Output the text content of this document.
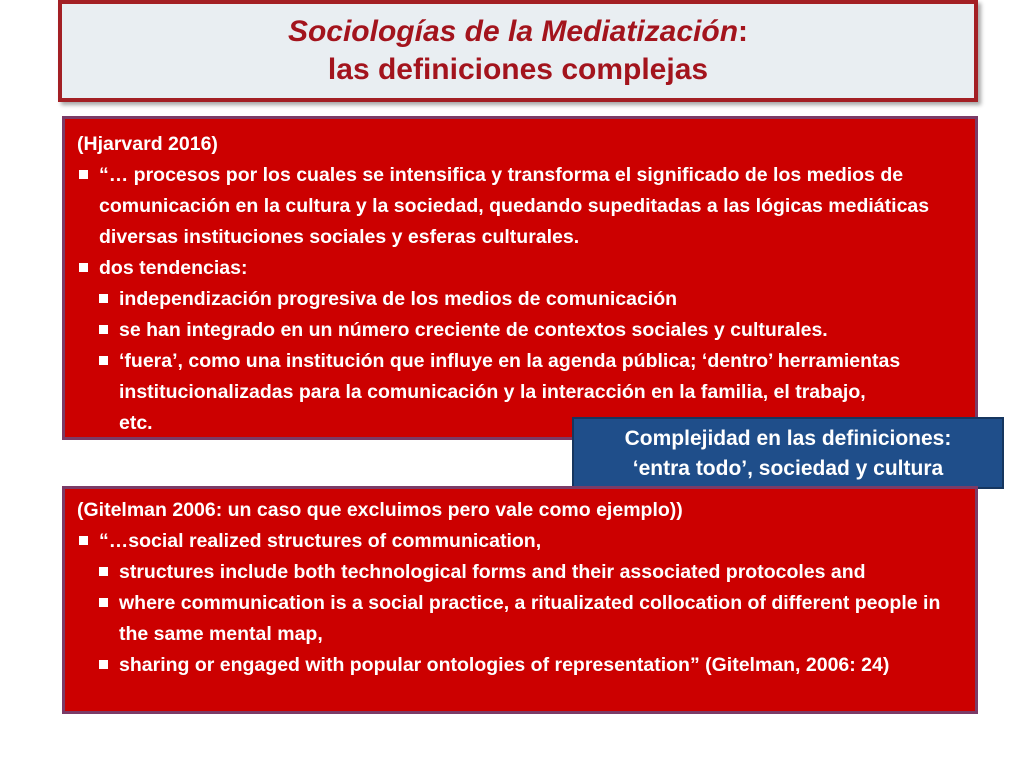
Sociologías de la Mediatización:
las definiciones complejas

(Hjarvard 2016)

“… procesos por los cuales se intensifica y transforma el significado de los medios de comunicación en la cultura y la sociedad, quedando supeditadas a las lógicas mediáticas diversas instituciones sociales y esferas culturales.
dos tendencias:
independización progresiva de los medios de comunicación
se han integrado en un número creciente de contextos sociales y culturales.
‘fuera’, como una institución que influye en la agenda pública; ‘dentro’ herramientas institucionalizadas para la comunicación y la interacción en la familia, el trabajo, etc.
Complejidad en las definiciones:
‘entra todo’, sociedad y cultura

(Gitelman 2006: un caso que excluimos pero vale como ejemplo))

“…social realized structures of communication,
structures include both technological forms and their associated protocoles and
where communication is a social practice, a ritualizated collocation of different people in the same mental map,
sharing or engaged with popular ontologies of representation” (Gitelman, 2006: 24)
